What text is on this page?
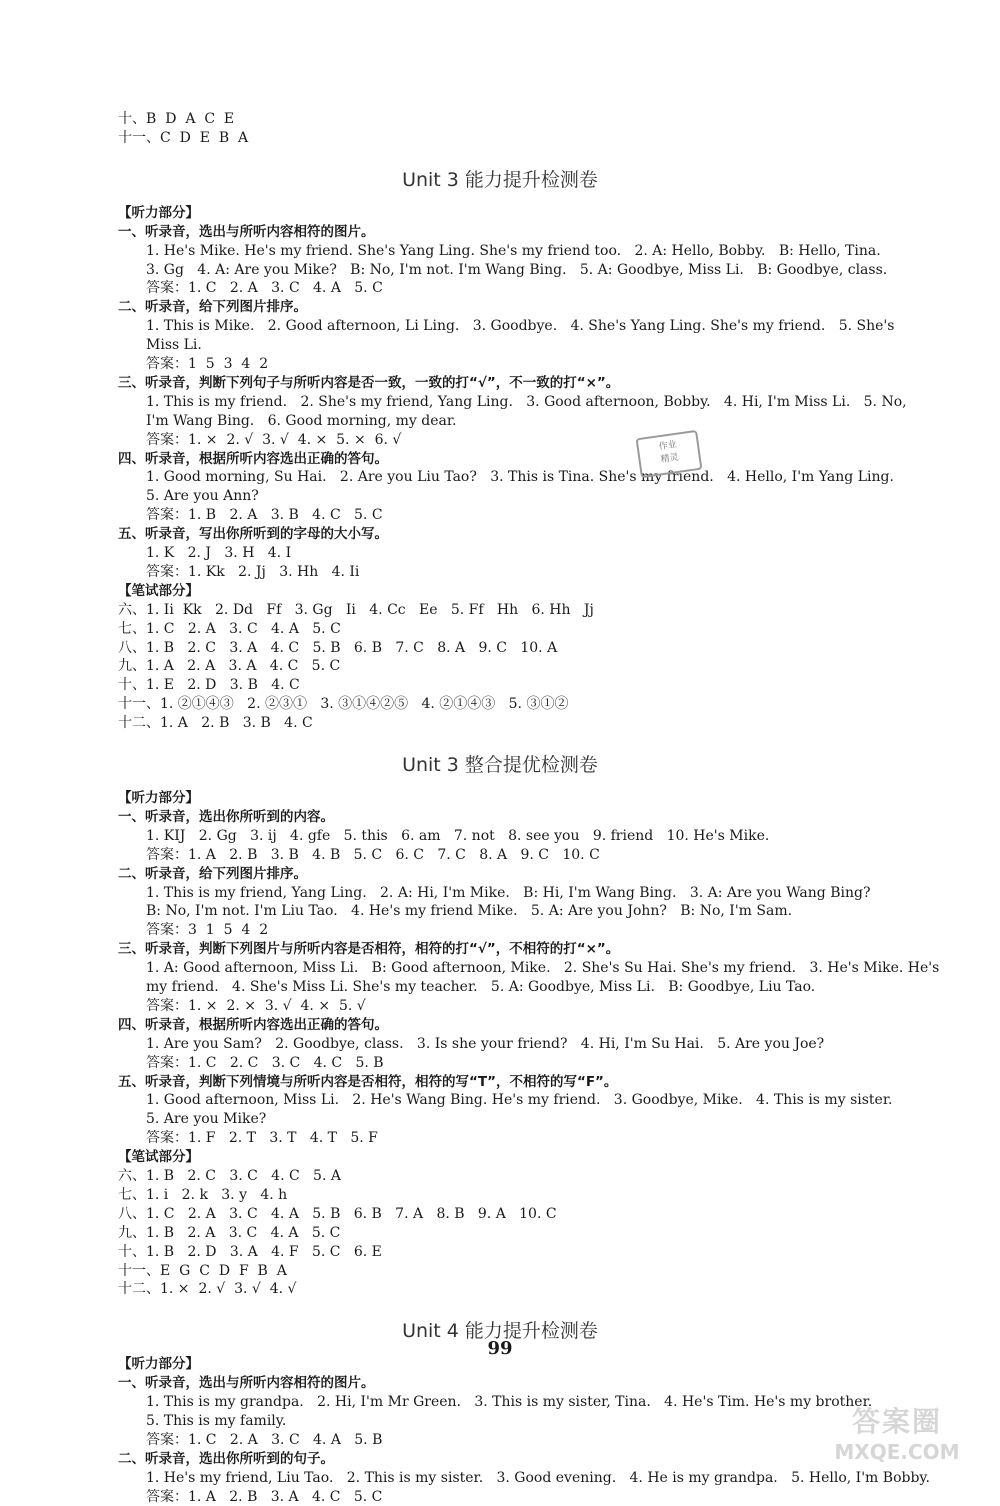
十、B  D  A  C  E
十一、C  D  E  B  A
Unit 3 能力提升检测卷
【听力部分】
一、听录音，选出与所听内容相符的图片。
1. He's Mike. He's my friend. She's Yang Ling. She's my friend too.   2. A: Hello, Bobby.   B: Hello, Tina.
3. Gg   4. A: Are you Mike?   B: No, I'm not. I'm Wang Bing.   5. A: Goodbye, Miss Li.   B: Goodbye, class.
答案：1. C   2. A   3. C   4. A   5. C
二、听录音，给下列图片排序。
1. This is Mike.   2. Good afternoon, Li Ling.   3. Goodbye.   4. She's Yang Ling. She's my friend.   5. She's
Miss Li.
答案：1  5  3  4  2
三、听录音，判断下列句子与所听内容是否一致，一致的打“√”，不一致的打“×”。
1. This is my friend.   2. She's my friend, Yang Ling.   3. Good afternoon, Bobby.   4. Hi, I'm Miss Li.   5. No,
I'm Wang Bing.   6. Good morning, my dear.
答案：1. ×  2. √  3. √  4. ×  5. ×  6. √
四、听录音，根据所听内容选出正确的答句。
1. Good morning, Su Hai.   2. Are you Liu Tao?   3. This is Tina. She's my friend.   4. Hello, I'm Yang Ling.
5. Are you Ann?
答案：1. B   2. A   3. B   4. C   5. C
五、听录音，写出你所听到的字母的大小写。
1. K   2. J   3. H   4. I
答案：1. Kk   2. Jj   3. Hh   4. Ii
【笔试部分】
六、1. Ii  Kk   2. Dd   Ff   3. Gg   Ii   4. Cc   Ee   5. Ff   Hh   6. Hh   Jj
七、1. C   2. A   3. C   4. A   5. C
八、1. B   2. C   3. A   4. C   5. B   6. B   7. C   8. A   9. C   10. A
九、1. A   2. A   3. A   4. C   5. C
十、1. E   2. D   3. B   4. C
十一、1. ②①④③   2. ②③①   3. ③①④②⑤   4. ②①④③   5. ③①②
十二、1. A   2. B   3. B   4. C
Unit 3 整合提优检测卷
【听力部分】
一、听录音，选出你所听到的内容。
1. KIJ   2. Gg   3. ij   4. gfe   5. this   6. am   7. not   8. see you   9. friend   10. He's Mike.
答案：1. A   2. B   3. B   4. B   5. C   6. C   7. C   8. A   9. C   10. C
二、听录音，给下列图片排序。
1. This is my friend, Yang Ling.   2. A: Hi, I'm Mike.   B: Hi, I'm Wang Bing.   3. A: Are you Wang Bing?
B: No, I'm not. I'm Liu Tao.   4. He's my friend Mike.   5. A: Are you John?   B: No, I'm Sam.
答案：3  1  5  4  2
三、听录音，判断下列图片与所听内容是否相符，相符的打“√”，不相符的打“×”。
1. A: Good afternoon, Miss Li.   B: Good afternoon, Mike.   2. She's Su Hai. She's my friend.   3. He's Mike. He's
my friend.   4. She's Miss Li. She's my teacher.   5. A: Goodbye, Miss Li.   B: Goodbye, Liu Tao.
答案：1. ×  2. ×  3. √  4. ×  5. √
四、听录音，根据所听内容选出正确的答句。
1. Are you Sam?   2. Goodbye, class.   3. Is she your friend?   4. Hi, I'm Su Hai.   5. Are you Joe?
答案：1. C   2. C   3. C   4. C   5. B
五、听录音，判断下列情境与所听内容是否相符，相符的写“T”，不相符的写“F”。
1. Good afternoon, Miss Li.   2. He's Wang Bing. He's my friend.   3. Goodbye, Mike.   4. This is my sister.
5. Are you Mike?
答案：1. F   2. T   3. T   4. T   5. F
【笔试部分】
六、1. B   2. C   3. C   4. C   5. A
七、1. i   2. k   3. y   4. h
八、1. C   2. A   3. C   4. A   5. B   6. B   7. A   8. B   9. A   10. C
九、1. B   2. A   3. C   4. A   5. C
十、1. B   2. D   3. A   4. F   5. C   6. E
十一、E  G  C  D  F  B  A
十二、1. ×  2. √  3. √  4. √
Unit 4 能力提升检测卷
【听力部分】
一、听录音，选出与所听内容相符的图片。
1. This is my grandpa.   2. Hi, I'm Mr Green.   3. This is my sister, Tina.   4. He's Tim. He's my brother.
5. This is my family.
答案：1. C   2. A   3. C   4. A   5. B
二、听录音，选出你所听到的句子。
1. He's my friend, Liu Tao.   2. This is my sister.   3. Good evening.   4. He is my grandpa.   5. Hello, I'm Bobby.
答案：1. A   2. B   3. A   4. C   5. C
作业
精灵
99
答案圈
MXQE.COM
